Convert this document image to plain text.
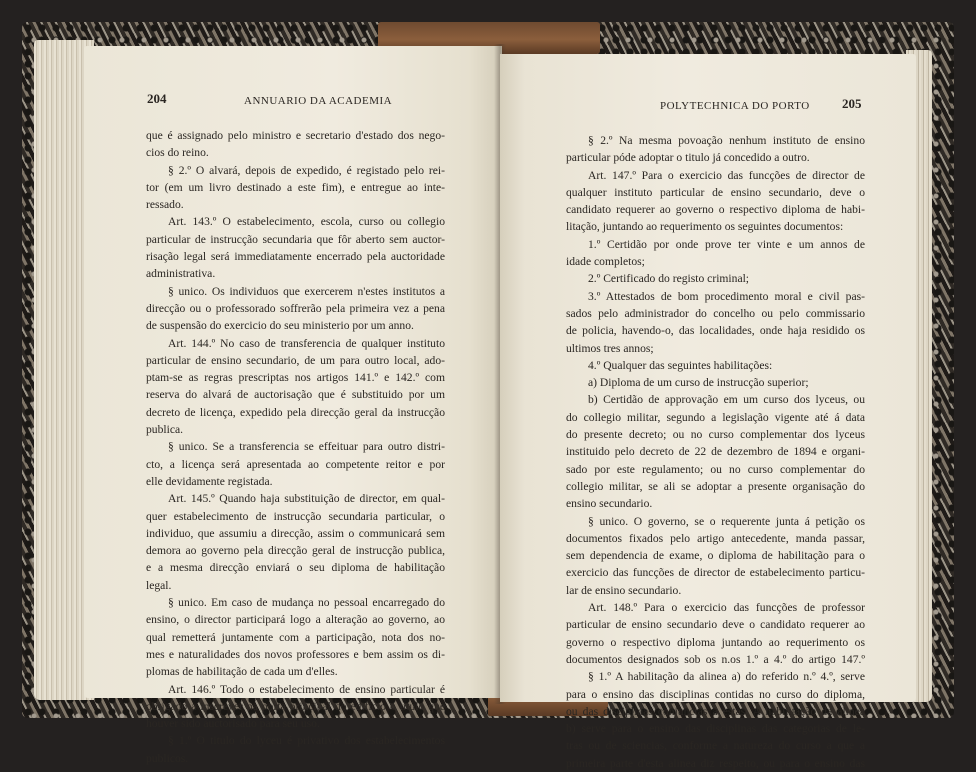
204	ANNUARIO DA ACADEMIA
que é assignado pelo ministro e secretario d'estado dos nego-
cios do reino.
§ 2.º O alvará, depois de expedido, é registado pelo rei-
tor (em um livro destinado a este fim), e entregue ao inte-
ressado.
Art. 143.º O estabelecimento, escola, curso ou collegio
particular de instrucção secundaria que fôr aberto sem auctor-
risação legal será immediatamente encerrado pela auctoridade
administrativa.
§ unico. Os individuos que exercerem n'estes institutos a
direcção ou o professorado soffrerão pela primeira vez a pena
de suspensão do exercicio do seu ministerio por um anno.
Art. 144.º No caso de transferencia de qualquer instituto
particular de ensino secundario, de um para outro local, ado-
ptam-se as regras prescriptas nos artigos 141.º e 142.º com
reserva do alvará de auctorisação que é substituido por um
decreto de licença, expedido pela direcção geral da instrucção
publica.
§ unico. Se a transferencia se effeituar para outro distri-
cto, a licença será apresentada ao competente reitor e por
elle devidamente registada.
Art. 145.º Quando haja substituição de director, em qual-
quer estabelecimento de instrucção secundaria particular, o
individuo, que assumiu a direcção, assim o communicará sem
demora ao governo pela direcção geral de instrucção publica,
e a mesma direcção enviará o seu diploma de habilitação
legal.
§ unico. Em caso de mudança no pessoal encarregado do
ensino, o director participará logo a alteração ao governo, ao
qual remetterá juntamente com a participação, nota dos no-
mes e naturalidades dos novos professores e bem assim os di-
plomas de habilitação de cada um d'elles.
Art. 146.º Todo o estabelecimento de ensino particular é
obrigado a inscrever na porta principal do edificio o titulo que
houver sido auctorisado para seu uso.
§ 1.º O titulo do lyceu é privativo dos estabelecimentos
publicos.
POLYTECHNICA DO PORTO 205
§ 2.º Na mesma povoação nenhum instituto de ensino
particular póde adoptar o titulo já concedido a outro.
Art. 147.º Para o exercicio das funcções de director de
qualquer instituto particular de ensino secundario, deve o
candidato requerer ao governo o respectivo diploma de habi-
litação, juntando ao requerimento os seguintes documentos:
1.º Certidão por onde prove ter vinte e um annos de
idade completos;
2.º Certificado do registo criminal;
3.º Attestados de bom procedimento moral e civil pas-
sados pelo administrador do concelho ou pelo commissario
de policia, havendo-o, das localidades, onde haja residido os
ultimos tres annos;
4.º Qualquer das seguintes habilitações:
a) Diploma de um curso de instrucção superior;
b) Certidão de approvação em um curso dos lyceus, ou
do collegio militar, segundo a legislação vigente até á data
do presente decreto; ou no curso complementar dos lyceus
instituido pelo decreto de 22 de dezembro de 1894 e organi-
sado por este regulamento; ou no curso complementar do
collegio militar, se ali se adoptar a presente organisação do
ensino secundario.
§ unico. O governo, se o requerente junta á petição os
documentos fixados pelo artigo antecedente, manda passar,
sem dependencia de exame, o diploma de habilitação para o
exercicio das funcções de director de estabelecimento particu-
lar de ensino secundario.
Art. 148.º Para o exercicio das funcções de professor
particular de ensino secundario deve o candidato requerer ao
governo o respectivo diploma juntando ao requerimento os
documentos designados sob os n.os 1.º a 4.º do artigo 147.º
§ 1.º A habilitação da alinea a) do referido n.º 4.º, serve
para o ensino das disciplinas contidas no curso do diploma,
ou das disciplinas conjunctas a estas. A habilitação da alinea
b) serve para o ensino das disciplinas das categorias de le-
tras ou de sciencias, conforme a natureza do curso a que a
primeira parte d'esta alinea diz respeito, ou para o ensino das
